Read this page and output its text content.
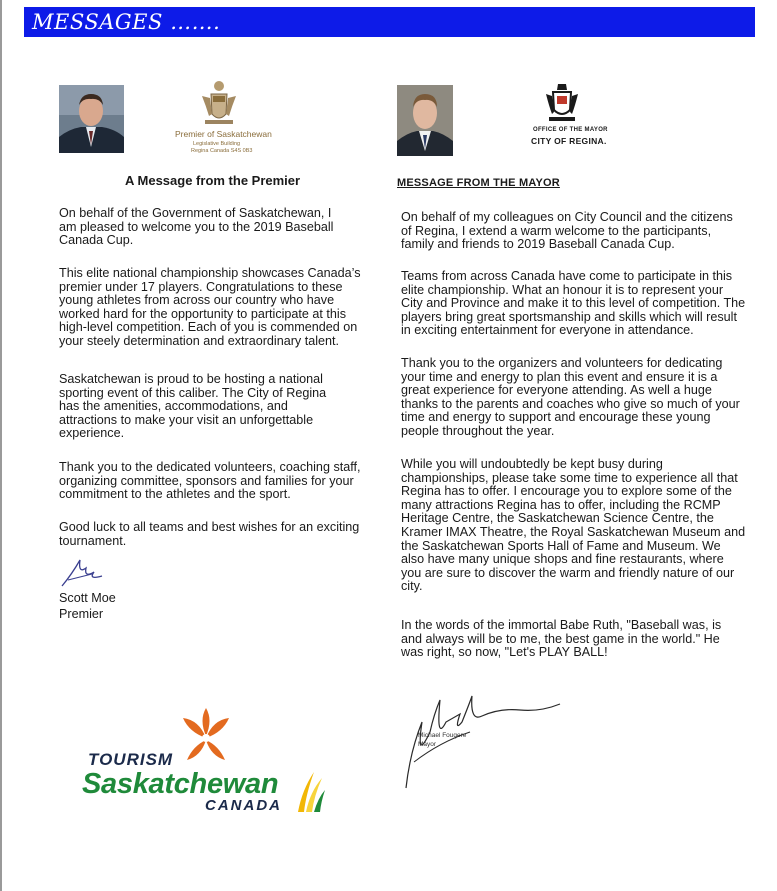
MESSAGES …….
Premier of Saskatchewan
Legislative Building
Regina Canada S4S 0B3
A Message from the Premier

On behalf of the Government of Saskatchewan, I
am pleased to welcome you to the 2019 Baseball
Canada Cup.

This elite national championship showcases Canada’s
premier under 17 players. Congratulations to these
young athletes from across our country who have
worked hard for the opportunity to participate at this
high-level competition. Each of you is commended on
your steely determination and extraordinary talent.

Saskatchewan is proud to be hosting a national
sporting event of this caliber. The City of Regina
has the amenities, accommodations, and
attractions to make your visit an unforgettable
experience.

Thank you to the dedicated volunteers, coaching staff,
organizing committee, sponsors and families for your
commitment to the athletes and the sport.

Good luck to all teams and best wishes for an exciting
tournament.

Scott Moe
Premier
TOURISM
Saskatchewan
CANADA
OFFICE OF THE MAYOR
CITY OF REGINA.
MESSAGE FROM THE MAYOR

On behalf of my colleagues on City Council and the citizens
of Regina, I extend a warm welcome to the participants,
family and friends to 2019 Baseball Canada Cup.

Teams from across Canada have come to participate in this
elite championship. What an honour it is to represent your
City and Province and make it to this level of competition. The
players bring great sportsmanship and skills which will result
in exciting entertainment for everyone in attendance.

Thank you to the organizers and volunteers for dedicating
your time and energy to plan this event and ensure it is a
great experience for everyone attending. As well a huge
thanks to the parents and coaches who give so much of your
time and energy to support and encourage these young
people throughout the year.

While you will undoubtedly be kept busy during
championships, please take some time to experience all that
Regina has to offer. I encourage you to explore some of the
many attractions Regina has to offer, including the RCMP
Heritage Centre, the Saskatchewan Science Centre, the
Kramer IMAX Theatre, the Royal Saskatchewan Museum and
the Saskatchewan Sports Hall of Fame and Museum. We
also have many unique shops and fine restaurants, where
you are sure to discover the warm and friendly nature of our
city.

In the words of the immortal Babe Ruth, "Baseball was, is
and always will be to me, the best game in the world." He
was right, so now, "Let's PLAY BALL!

Michael Fougere
Mayor
